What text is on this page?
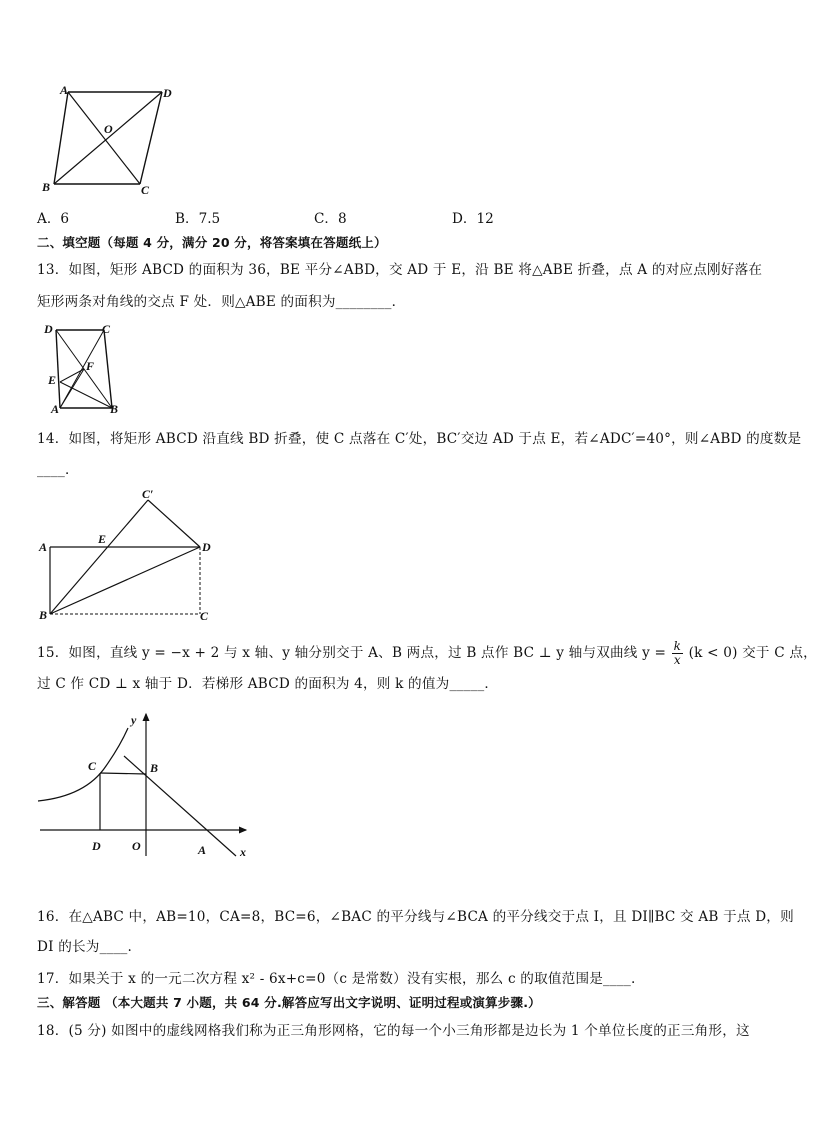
A	D
O
B	C
A．6	B．7.5	C．8	D．12
二、填空题（每题 4 分，满分 20 分，将答案填在答题纸上）
13．如图，矩形 ABCD 的面积为 36，BE 平分∠ABD，交 AD 于 E，沿 BE 将△ABE 折叠，点 A 的对应点刚好落在
矩形两条对角线的交点 F 处．则△ABE 的面积为________．
D	C
F
E
A	B
14．如图，将矩形 ABCD 沿直线 BD 折叠，使 C 点落在 C′处，BC′交边 AD 于点 E，若∠ADC′=40°，则∠ABD 的度数是
____．
C′
A
E
D
B	C
15．如图，直线 y = −x + 2 与 x 轴、y 轴分别交于 A、B 两点，过 B 点作 BC ⊥ y 轴与双曲线 $y = \frac{k}{x} (k < 0)$ 交于 C 点，
过 C 作 CD ⊥ x 轴于 D．若梯形 ABCD 的面积为 4，则 k 的值为_____．
y
C	B
D	O	A	x
16．在△ABC 中，AB=10，CA=8，BC=6，∠BAC 的平分线与∠BCA 的平分线交于点 I，且 DI∥BC 交 AB 于点 D，则
DI 的长为____.
17．如果关于 x 的一元二次方程 x² - 6x+c=0（c 是常数）没有实根，那么 c 的取值范围是____.
三、解答题 （本大题共 7 小题，共 64 分.解答应写出文字说明、证明过程或演算步骤.）
18．(5 分) 如图中的虚线网格我们称为正三角形网格，它的每一个小三角形都是边长为 1 个单位长度的正三角形，这
